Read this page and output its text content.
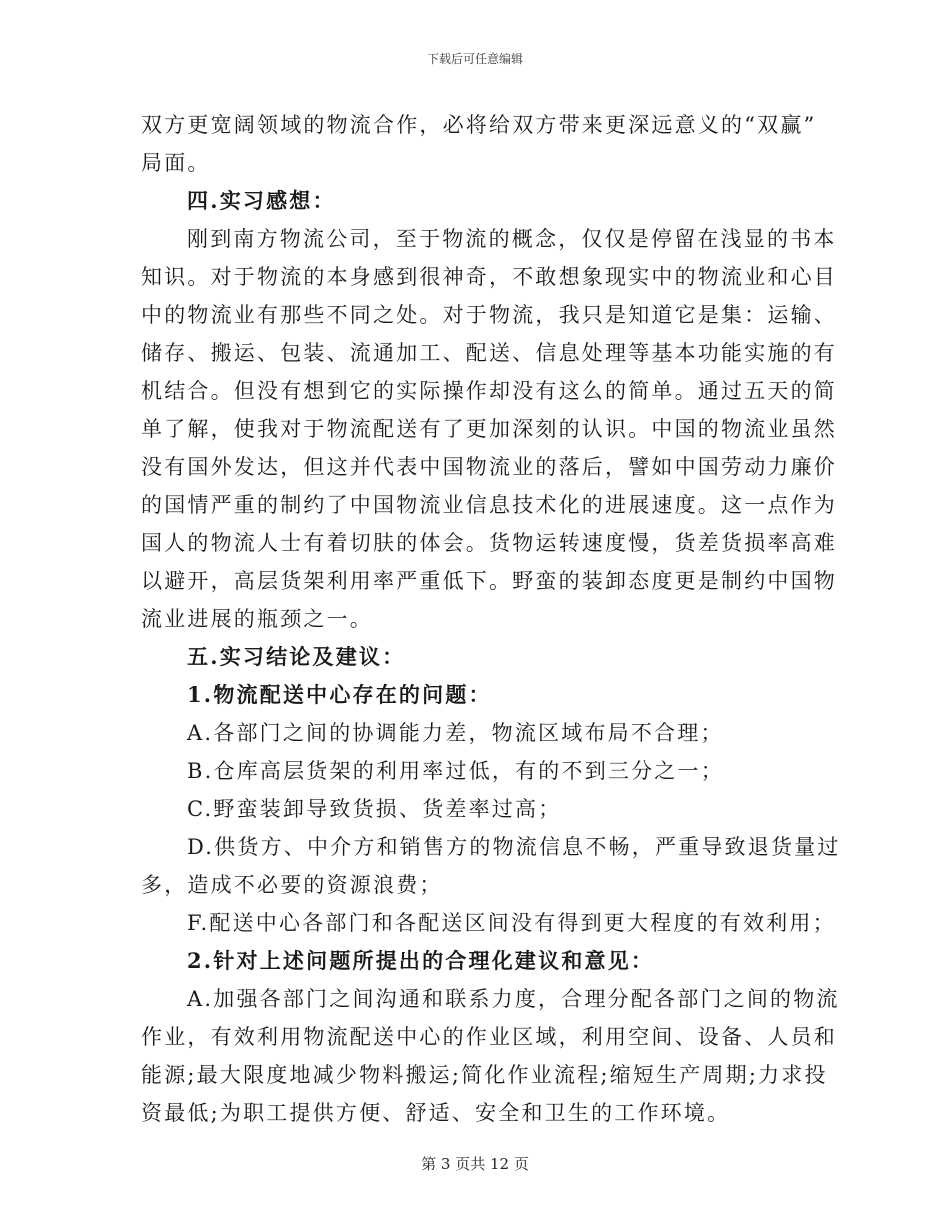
下载后可任意编辑
双方更宽阔领域的物流合作，必将给双方带来更深远意义的“双赢”
局面。
四.实习感想：
刚到南方物流公司，至于物流的概念，仅仅是停留在浅显的书本
知识。对于物流的本身感到很神奇，不敢想象现实中的物流业和心目
中的物流业有那些不同之处。对于物流，我只是知道它是集：运输、
储存、搬运、包装、流通加工、配送、信息处理等基本功能实施的有
机结合。但没有想到它的实际操作却没有这么的简单。通过五天的简
单了解，使我对于物流配送有了更加深刻的认识。中国的物流业虽然
没有国外发达，但这并代表中国物流业的落后，譬如中国劳动力廉价
的国情严重的制约了中国物流业信息技术化的进展速度。这一点作为
国人的物流人士有着切肤的体会。货物运转速度慢，货差货损率高难
以避开，高层货架利用率严重低下。野蛮的装卸态度更是制约中国物
流业进展的瓶颈之一。
五.实习结论及建议：
1.物流配送中心存在的问题：
A.各部门之间的协调能力差，物流区域布局不合理；
B.仓库高层货架的利用率过低，有的不到三分之一；
C.野蛮装卸导致货损、货差率过高；
D.供货方、中介方和销售方的物流信息不畅，严重导致退货量过
多，造成不必要的资源浪费；
F.配送中心各部门和各配送区间没有得到更大程度的有效利用；
2.针对上述问题所提出的合理化建议和意见：
A.加强各部门之间沟通和联系力度，合理分配各部门之间的物流
作业，有效利用物流配送中心的作业区域，利用空间、设备、人员和
能源;最大限度地减少物料搬运;简化作业流程;缩短生产周期;力求投
资最低;为职工提供方便、舒适、安全和卫生的工作环境。
第 3 页共 12 页
